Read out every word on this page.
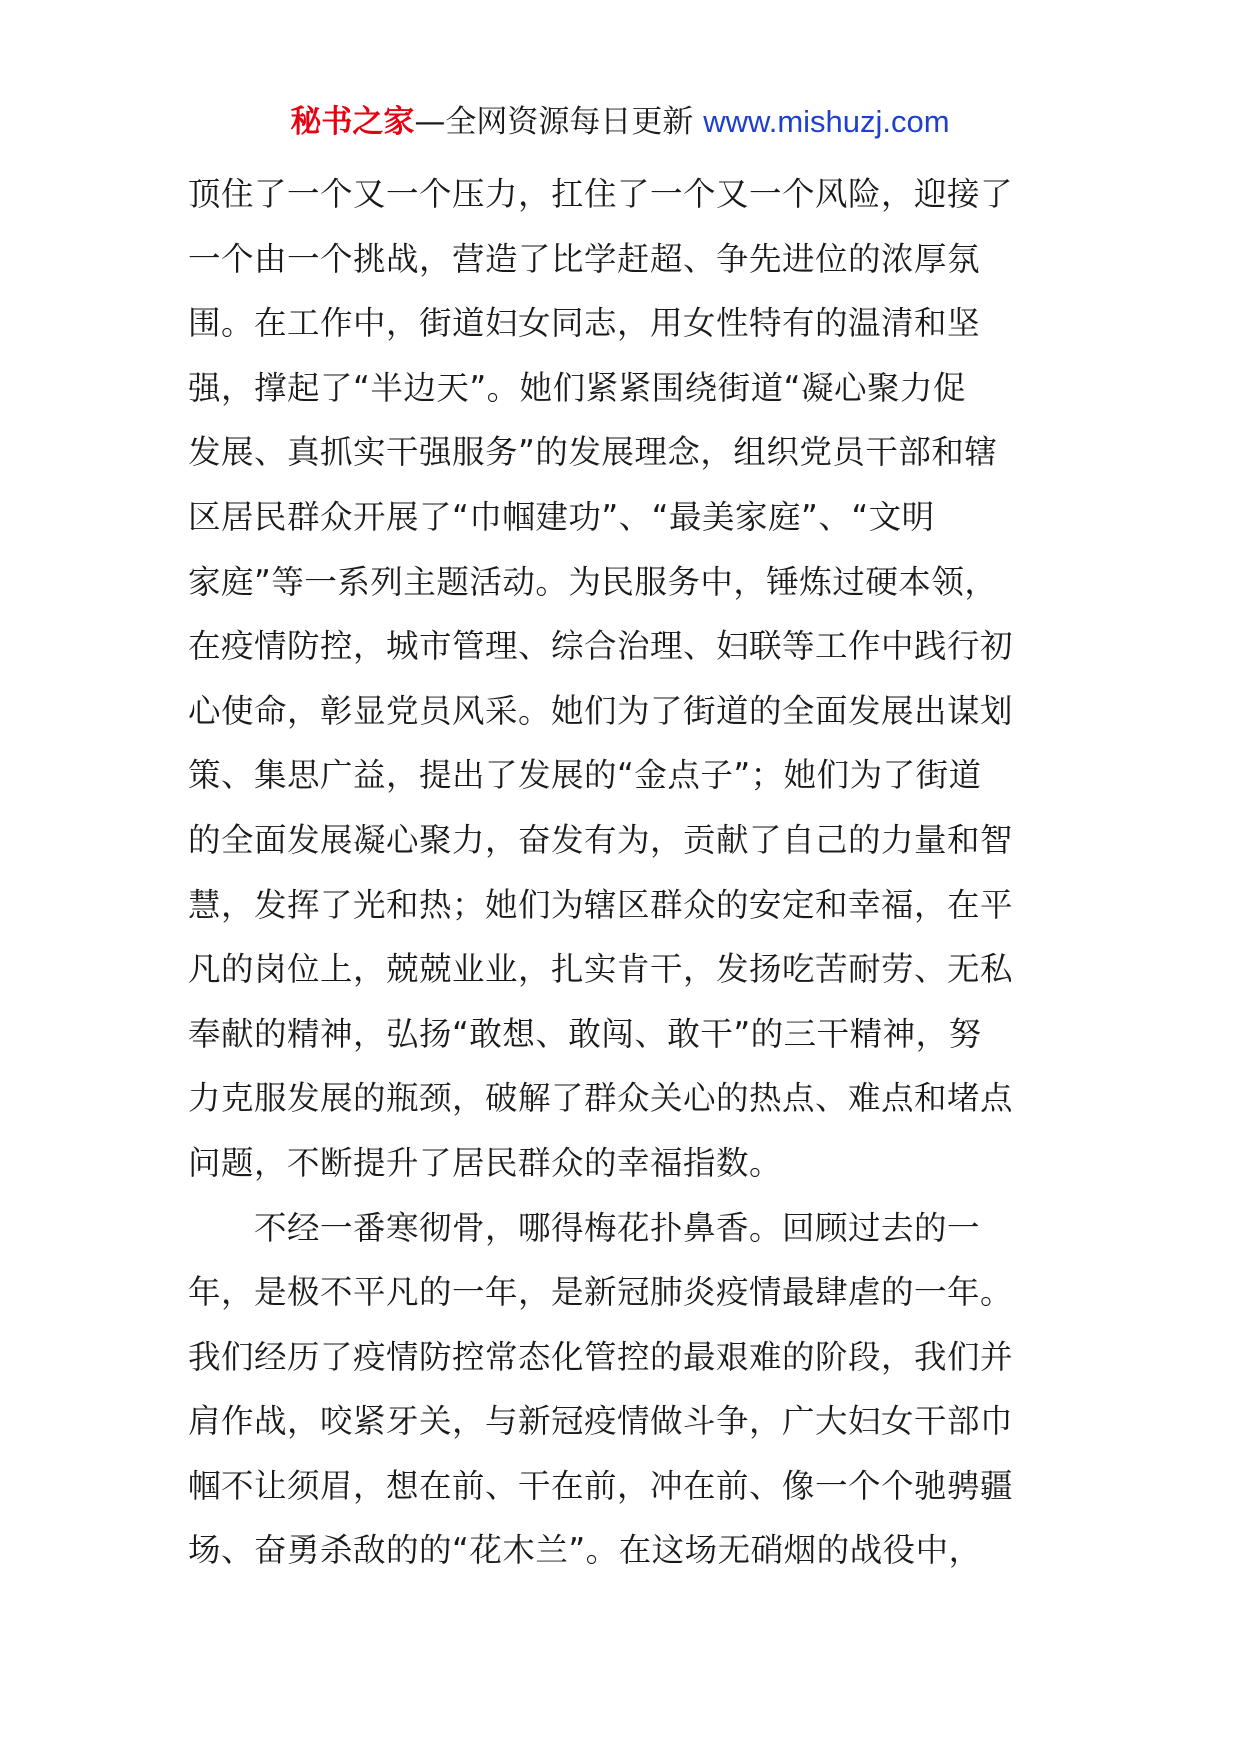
秘书之家—全网资源每日更新 www.mishuzj.com
顶住了一个又一个压力，扛住了一个又一个风险，迎接了
一个由一个挑战，营造了比学赶超、争先进位的浓厚氛
围。在工作中，街道妇女同志，用女性特有的温清和坚
强，撑起了“半边天”。她们紧紧围绕街道“凝心聚力促
发展、真抓实干强服务”的发展理念，组织党员干部和辖
区居民群众开展了“巾帼建功”、“最美家庭”、“文明
家庭”等一系列主题活动。为民服务中，锤炼过硬本领，
在疫情防控，城市管理、综合治理、妇联等工作中践行初
心使命，彰显党员风采。她们为了街道的全面发展出谋划
策、集思广益，提出了发展的“金点子”；她们为了街道
的全面发展凝心聚力，奋发有为，贡献了自己的力量和智
慧，发挥了光和热；她们为辖区群众的安定和幸福，在平
凡的岗位上，兢兢业业，扎实肯干，发扬吃苦耐劳、无私
奉献的精神，弘扬“敢想、敢闯、敢干”的三干精神，努
力克服发展的瓶颈，破解了群众关心的热点、难点和堵点
问题，不断提升了居民群众的幸福指数。
不经一番寒彻骨，哪得梅花扑鼻香。回顾过去的一
年，是极不平凡的一年，是新冠肺炎疫情最肆虐的一年。
我们经历了疫情防控常态化管控的最艰难的阶段，我们并
肩作战，咬紧牙关，与新冠疫情做斗争，广大妇女干部巾
帼不让须眉，想在前、干在前，冲在前、像一个个驰骋疆
场、奋勇杀敌的的“花木兰”。在这场无硝烟的战役中，
